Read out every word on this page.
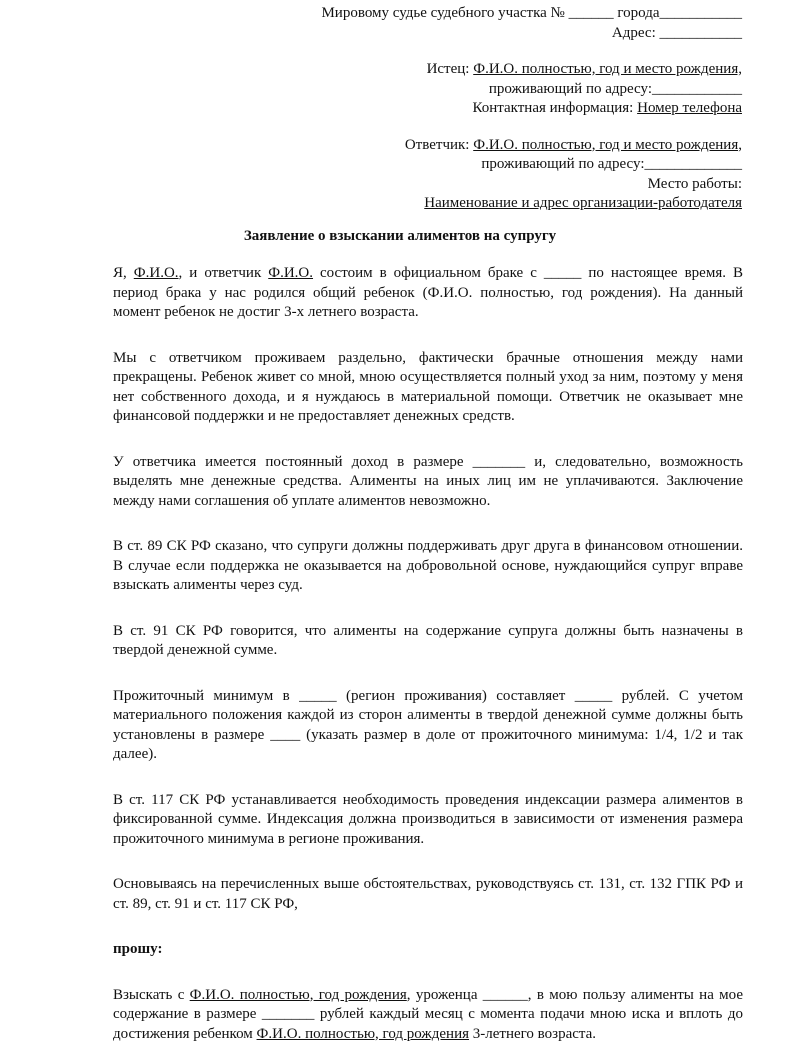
Мировому судье судебного участка № ______ города___________
Адрес: ___________
Истец: Ф.И.О. полностью, год и место рождения,
проживающий по адресу:____________
Контактная информация: Номер телефона
Ответчик: Ф.И.О. полностью, год и место рождения,
проживающий по адресу:_____________
Место работы:
Наименование и адрес организации-работодателя
Заявление о взыскании алиментов на супругу

Я, Ф.И.О., и ответчик Ф.И.О. состоим в официальном браке с _____ по настоящее время. В период брака у нас родился общий ребенок (Ф.И.О. полностью, год рождения). На данный момент ребенок не достиг 3-х летнего возраста.

Мы с ответчиком проживаем раздельно, фактически брачные отношения между нами прекращены. Ребенок живет со мной, мною осуществляется полный уход за ним, поэтому у меня нет собственного дохода, и я нуждаюсь в материальной помощи. Ответчик не оказывает мне финансовой поддержки и не предоставляет денежных средств.

У ответчика имеется постоянный доход в размере _______ и, следовательно, возможность выделять мне денежные средства. Алименты на иных лиц им не уплачиваются. Заключение между нами соглашения об уплате алиментов невозможно.

В ст. 89 СК РФ сказано, что супруги должны поддерживать друг друга в финансовом отношении. В случае если поддержка не оказывается на добровольной основе, нуждающийся супруг вправе взыскать алименты через суд.

В ст. 91 СК РФ говорится, что алименты на содержание супруга должны быть назначены в твердой денежной сумме.

Прожиточный минимум в _____ (регион проживания) составляет _____ рублей. С учетом материального положения каждой из сторон алименты в твердой денежной сумме должны быть установлены в размере ____ (указать размер в доле от прожиточного минимума: 1/4, 1/2 и так далее).

В ст. 117 СК РФ устанавливается необходимость проведения индексации размера алиментов в фиксированной сумме. Индексация должна производиться в зависимости от изменения размера прожиточного минимума в регионе проживания.

Основываясь на перечисленных выше обстоятельствах, руководствуясь ст. 131, ст. 132 ГПК РФ и ст. 89, ст. 91 и ст. 117 СК РФ,

прошу:

Взыскать с Ф.И.О. полностью, год рождения, уроженца ______, в мою пользу алименты на мое содержание в размере _______ рублей каждый месяц с момента подачи мною иска и вплоть до достижения ребенком Ф.И.О. полностью, год рождения 3-летнего возраста.
